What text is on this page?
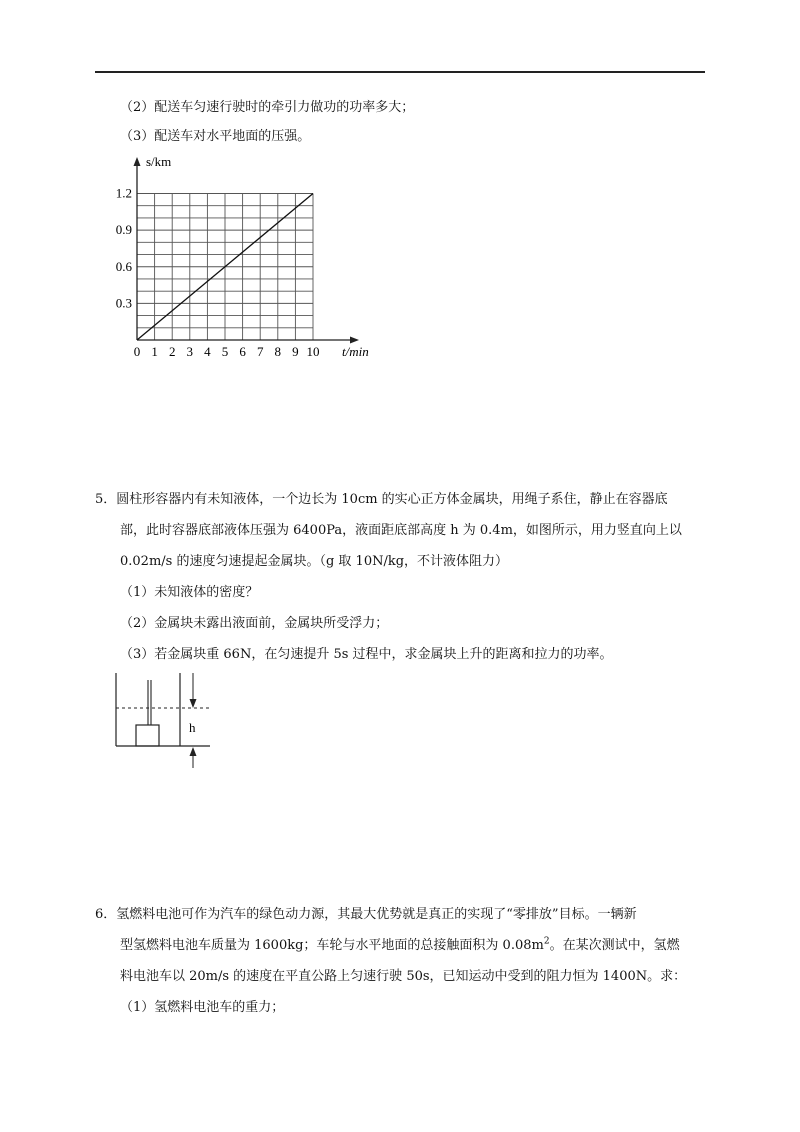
（2）配送车匀速行驶时的牵引力做功的功率多大；
（3）配送车对水平地面的压强。
0 1 2 3 4 5 6 7 8 9 10
0.3
0.6
0.9
1.2
s/km
t/min
5．圆柱形容器内有未知液体，一个边长为 10cm 的实心正方体金属块，用绳子系住，静止在容器底
部，此时容器底部液体压强为 6400Pa，液面距底部高度 h 为 0.4m，如图所示，用力竖直向上以
0.02m/s 的速度匀速提起金属块。（g 取 10N/kg，不计液体阻力）
（1）未知液体的密度？
（2）金属块未露出液面前，金属块所受浮力；
（3）若金属块重 66N，在匀速提升 5s 过程中，求金属块上升的距离和拉力的功率。
h
6．氢燃料电池可作为汽车的绿色动力源，其最大优势就是真正的实现了“零排放”目标。一辆新
型氢燃料电池车质量为 1600kg；车轮与水平地面的总接触面积为 $0.08m^2$。在某次测试中，氢燃
料电池车以 20m/s 的速度在平直公路上匀速行驶 50s，已知运动中受到的阻力恒为 1400N。求：
（1）氢燃料电池车的重力；
